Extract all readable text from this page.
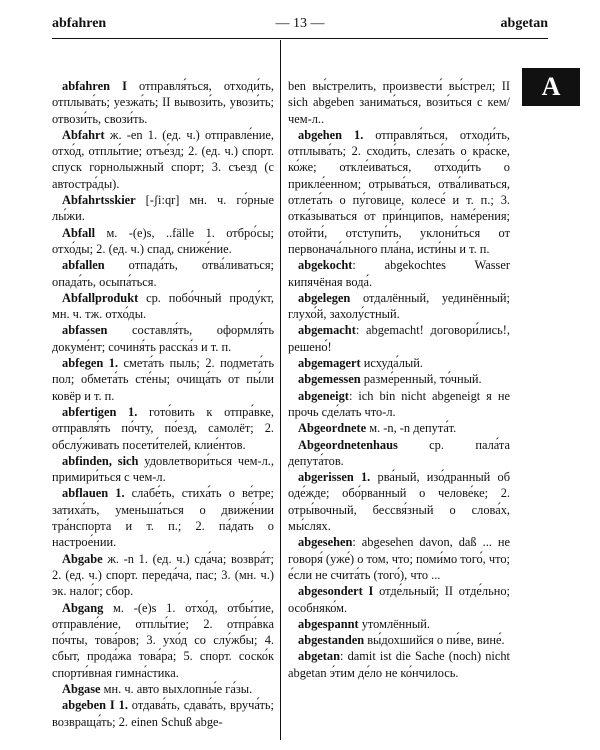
abfahren	— 13 —	abgetan
A

abfahren I отправля́ться, отходи́ть, отплыва́ть; уезжа́ть; II вывози́ть, увози́ть; отвози́ть, свози́ть.

Abfahrt ж. -en 1. (ед. ч.) отправле́ние, отхо́д, отплы́тие; отъе́зд; 2. (ед. ч.) спорт. спуск горнолыжный спорт; 3. съезд (с автостра́ды).

Abfahrtsskier [-ʃi:qr] мн. ч. го́рные лы́жи.

Abfall м. -(e)s, ..fälle 1. отбро́сы; отхо́ды; 2. (ед. ч.) спад, сниже́ние.

abfallen отпада́ть, отва́ливаться; опада́ть, осыпа́ться.

Abfallprodukt ср. побо́чный проду́кт, мн. ч. тж. отхо́ды.

abfassen составля́ть, оформля́ть докуме́нт; сочиня́ть расска́з и т. п.

abfegen 1. смета́ть пыль; 2. подмета́ть пол; обмета́ть сте́ны; очища́ть от пы́ли ковёр и т. п.

abfertigen 1. гото́вить к отпра́вке, отправля́ть по́чту, по́езд, самолёт; 2. обслу́живать посети́телей, клие́нтов.

abfinden, sich удовлетвори́ться чем-л., примири́ться с чем-л.

abflauen 1. слабе́ть, стиха́ть о ве́тре; затиха́ть, уменьша́ться о движе́нии тра́нспорта и т. п.; 2. па́дать о настрое́нии.

Abgabe ж. -n 1. (ед. ч.) сда́ча; возвра́т; 2. (ед. ч.) спорт. переда́ча, пас; 3. (мн. ч.) эк. нало́г; сбор.

Abgang м. -(e)s 1. отхо́д, отбы́тие, отправле́ние, отплы́тие; 2. отпра́вка по́чты, това́ров; 3. ухо́д со слу́жбы; 4. сбыт, прода́жа това́ра; 5. спорт. соско́к спорти́вная гимна́стика.

Abgase мн. ч. авто выхлопны́е га́зы.

abgeben I 1. отдава́ть, сдава́ть, вруча́ть; возвраща́ть; 2. einen Schuß abge-

ben вы́стрелить, произвести́ вы́стрел; II sich abgeben занима́ться, вози́ться с кем/чем-л..

abgehen 1. отправля́ться, отходи́ть, отплыва́ть; 2. сходи́ть, слеза́ть о кра́ске, ко́же; откле́иваться, отходи́ть о прикле́енном; отрыва́ться, отва́ливаться, отлета́ть о пу́говице, колесе́ и т. п.; 3. отка́зываться от при́нципов, наме́рения; отойти́, отступи́ть, уклони́ться от первонача́льного пла́на, исти́ны и т. п.

abgekocht: abgekochtes Wasser кипячёная вода́.

abgelegen отдалённый, уединённый; глухо́й, захолу́стный.

abgemacht: abgemacht! договори́лись!, решено́!

abgemagert исхуда́лый.

abgemessen разме́ренный, то́чный.

abgeneigt: ich bin nicht abgeneigt я не прочь сде́лать что-л.

Abgeordnete м. -n, -n депута́т.

Abgeordnetenhaus ср. пала́та депута́тов.

abgerissen 1. рва́ный, изо́дранный об оде́жде; обо́рванный о челове́ке; 2. отры́вочный, бессвя́зный о слова́х, мы́слях.

abgesehen: abgesehen davon, daß ... не говоря́ (уже́) о том, что; поми́мо того́, что; е́сли не счита́ть (того́), что ...

abgesondert I отде́льный; II отде́льно; особняко́м.

abgespannt утомлённый.

abgestanden вы́дохшийся о пи́ве, вине́.

abgetan: damit ist die Sache (noch) nicht abgetan э́тим де́ло не ко́нчилось.
